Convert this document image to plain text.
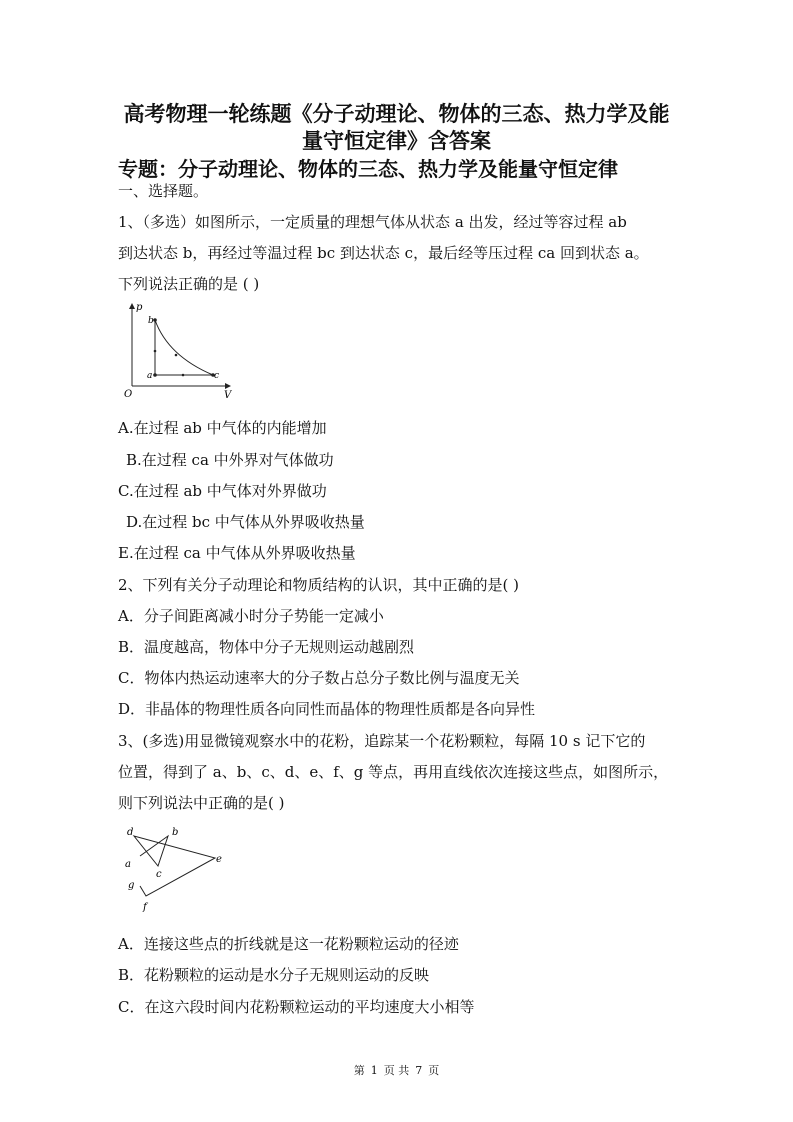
高考物理一轮练题《分子动理论、物体的三态、热力学及能
量守恒定律》含答案
专题：分子动理论、物体的三态、热力学及能量守恒定律
一、选择题。
1、（多选）如图所示，一定质量的理想气体从状态 a 出发，经过等容过程 ab
到达状态 b，再经过等温过程 bc 到达状态 c，最后经等压过程 ca 回到状态 a。
下列说法正确的是 ( )
p
V
O
a
b
c
A.在过程 ab 中气体的内能增加
B.在过程 ca 中外界对气体做功
C.在过程 ab 中气体对外界做功
D.在过程 bc 中气体从外界吸收热量
E.在过程 ca 中气体从外界吸收热量
2、下列有关分子动理论和物质结构的认识，其中正确的是( )
A．分子间距离减小时分子势能一定减小
B．温度越高，物体中分子无规则运动越剧烈
C．物体内热运动速率大的分子数占总分子数比例与温度无关
D．非晶体的物理性质各向同性而晶体的物理性质都是各向异性
3、(多选)用显微镜观察水中的花粉，追踪某一个花粉颗粒，每隔 10 s 记下它的
位置，得到了 a、b、c、d、e、f、g 等点，再用直线依次连接这些点，如图所示，
则下列说法中正确的是( )
d	b
a
c
e
g
f
A．连接这些点的折线就是这一花粉颗粒运动的径迹
B．花粉颗粒的运动是水分子无规则运动的反映
C．在这六段时间内花粉颗粒运动的平均速度大小相等
第 1 页 共 7 页
